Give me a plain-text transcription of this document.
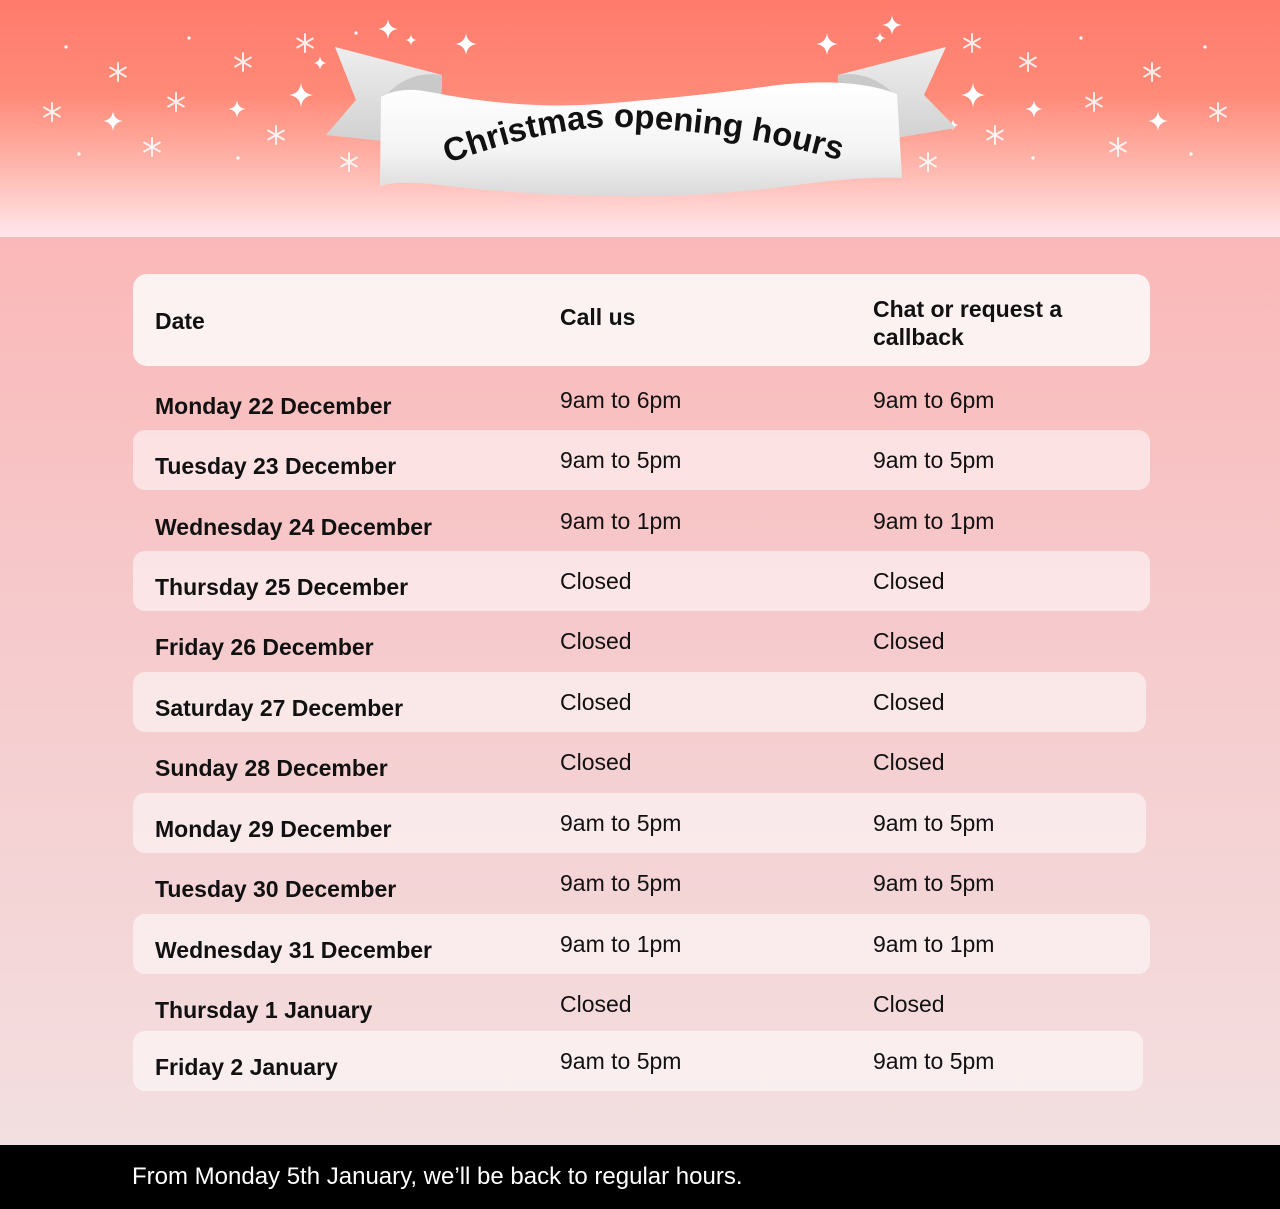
Christmas opening hours
Date	Call us	Chat or request a callback
Monday 22 December	9am to 6pm	9am to 6pm
Tuesday 23 December	9am to 5pm	9am to 5pm
Wednesday 24 December	9am to 1pm	9am to 1pm
Thursday 25 December	Closed	Closed
Friday 26 December	Closed	Closed
Saturday 27 December	Closed	Closed
Sunday 28 December	Closed	Closed
Monday 29 December	9am to 5pm	9am to 5pm
Tuesday 30 December	9am to 5pm	9am to 5pm
Wednesday 31 December	9am to 1pm	9am to 1pm
Thursday 1 January	Closed	Closed
Friday 2 January	9am to 5pm	9am to 5pm
From Monday 5th January, we’ll be back to regular hours.
